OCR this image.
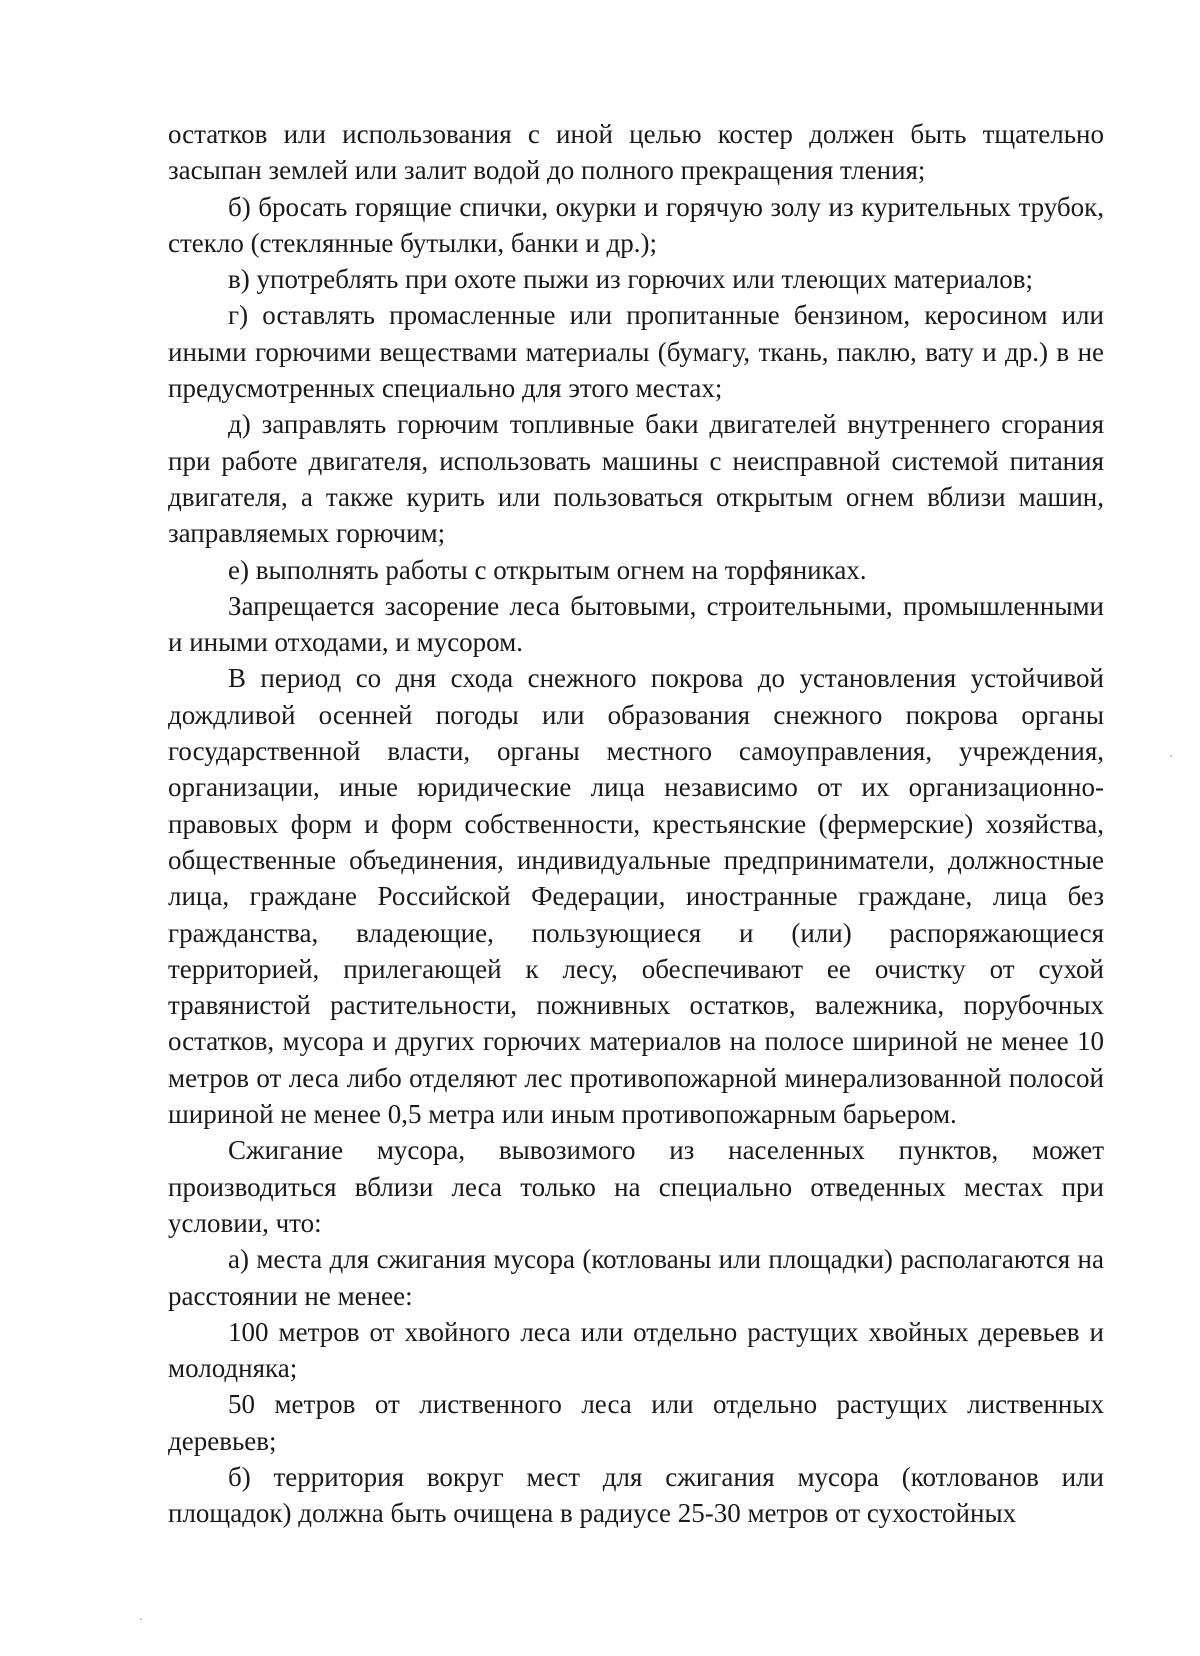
остатков или использования с иной целью костер должен быть тщательно засыпан землей или залит водой до полного прекращения тления;

б) бросать горящие спички, окурки и горячую золу из курительных трубок, стекло (стеклянные бутылки, банки и др.);

в) употреблять при охоте пыжи из горючих или тлеющих материалов;

г) оставлять промасленные или пропитанные бензином, керосином или иными горючими веществами материалы (бумагу, ткань, паклю, вату и др.) в не предусмотренных специально для этого местах;

д) заправлять горючим топливные баки двигателей внутреннего сгорания при работе двигателя, использовать машины с неисправной системой питания двигателя, а также курить или пользоваться открытым огнем вблизи машин, заправляемых горючим;

е) выполнять работы с открытым огнем на торфяниках.

Запрещается засорение леса бытовыми, строительными, промышленными и иными отходами, и мусором.

В период со дня схода снежного покрова до установления устойчивой дождливой осенней погоды или образования снежного покрова органы государственной власти, органы местного самоуправления, учреждения, организации, иные юридические лица независимо от их организационно-правовых форм и форм собственности, крестьянские (фермерские) хозяйства, общественные объединения, индивидуальные предприниматели, должностные лица, граждане Российской Федерации, иностранные граждане, лица без гражданства, владеющие, пользующиеся и (или) распоряжающиеся территорией, прилегающей к лесу, обеспечивают ее очистку от сухой травянистой растительности, пожнивных остатков, валежника, порубочных остатков, мусора и других горючих материалов на полосе шириной не менее 10 метров от леса либо отделяют лес противопожарной минерализованной полосой шириной не менее 0,5 метра или иным противопожарным барьером.

Сжигание мусора, вывозимого из населенных пунктов, может производиться вблизи леса только на специально отведенных местах при условии, что:

а) места для сжигания мусора (котлованы или площадки) располагаются на расстоянии не менее:

100 метров от хвойного леса или отдельно растущих хвойных деревьев и молодняка;

50 метров от лиственного леса или отдельно растущих лиственных деревьев;

б) территория вокруг мест для сжигания мусора (котлованов или площадок) должна быть очищена в радиусе 25-30 метров от сухостойных
